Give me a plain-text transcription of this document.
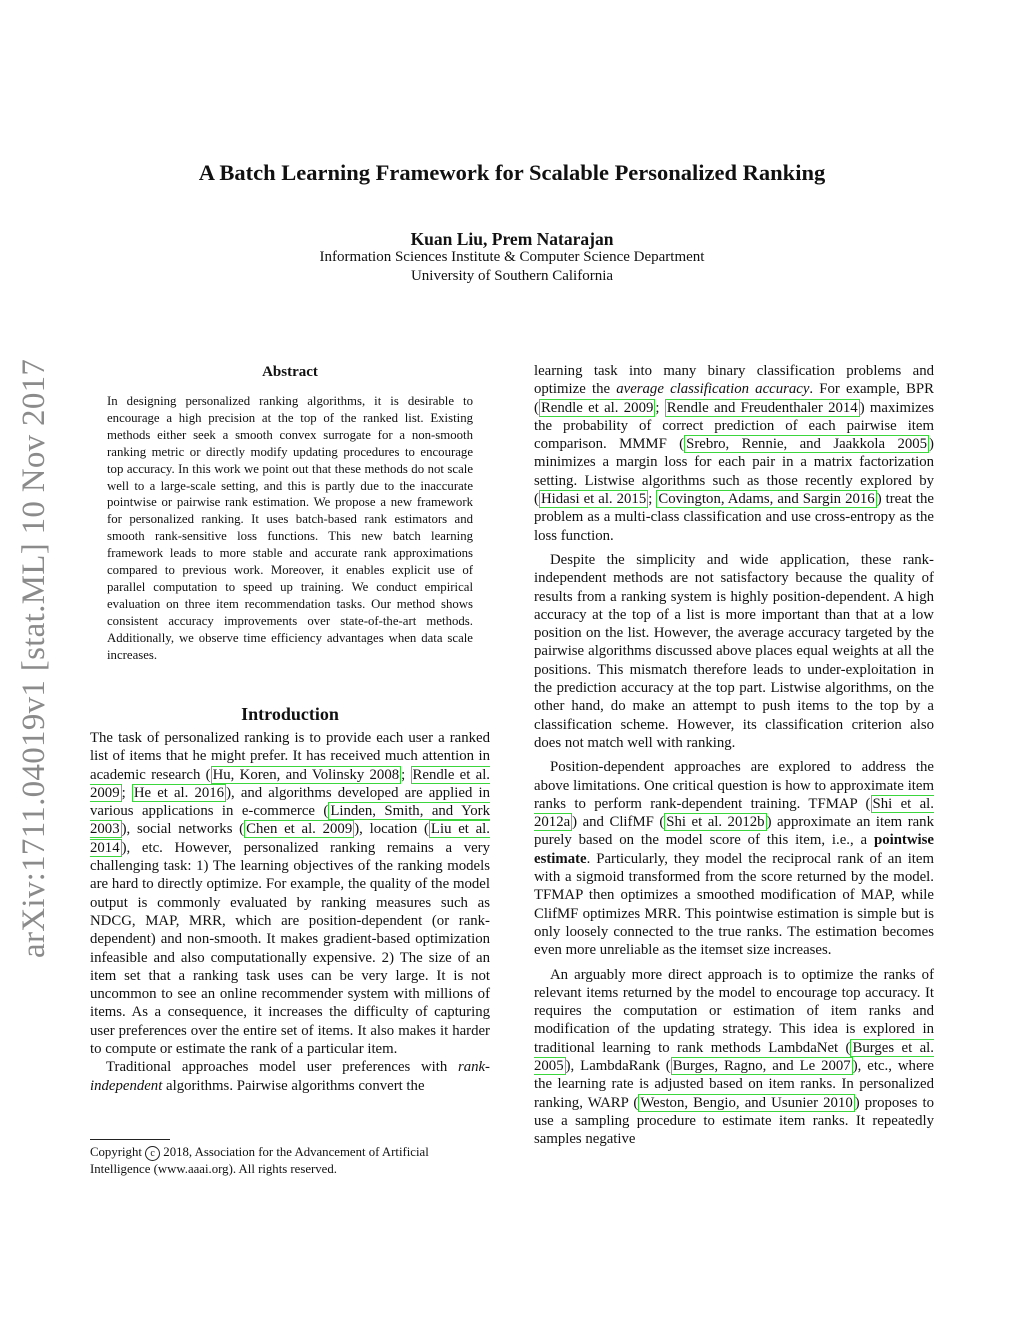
A Batch Learning Framework for Scalable Personalized Ranking
Kuan Liu, Prem Natarajan
Information Sciences Institute & Computer Science Department
University of Southern California
arXiv:1711.04019v1 [stat.ML] 10 Nov 2017	Abstract
In designing personalized ranking algorithms, it is desirable to encourage a high precision at the top of the ranked list. Existing methods either seek a smooth convex surrogate for a non-smooth ranking metric or directly modify updating procedures to encourage top accuracy. In this work we point out that these methods do not scale well to a large-scale setting, and this is partly due to the inaccurate pointwise or pairwise rank estimation. We propose a new framework for personalized ranking. It uses batch-based rank estimators and smooth rank-sensitive loss functions. This new batch learning framework leads to more stable and accurate rank approximations compared to previous work. Moreover, it enables explicit use of parallel computation to speed up training. We conduct empirical evaluation on three item recommendation tasks. Our method shows consistent accuracy improvements over state-of-the-art methods. Additionally, we observe time efficiency advantages when data scale increases.
Introduction

The task of personalized ranking is to provide each user a ranked list of items that he might prefer. It has received much attention in academic research ( Hu, Koren, and Volinsky 2008 ; Rendle et al. 2009 ; He et al. 2016 ), and algorithms developed are applied in various applications in e-commerce ( Linden, Smith, and York 2003 ), social networks ( Chen et al. 2009 ), location ( Liu et al. 2014 ), etc. However, personalized ranking remains a very challenging task: 1) The learning objectives of the ranking models are hard to directly optimize. For example, the quality of the model output is commonly evaluated by ranking measures such as NDCG, MAP, MRR, which are position-dependent (or rank-dependent) and non-smooth. It makes gradient-based optimization infeasible and also computationally expensive. 2) The size of an item set that a ranking task uses can be very large. It is not uncommon to see an online recommender system with millions of items. As a consequence, it increases the difficulty of capturing user preferences over the entire set of items. It also makes it harder to compute or estimate the rank of a particular item.

Traditional approaches model user preferences with rank-independent algorithms. Pairwise algorithms convert the

Copyright c 2018, Association for the Advancement of Artificial Intelligence (www.aaai.org). All rights reserved.

learning task into many binary classification problems and optimize the average classification accuracy. For example, BPR ( Rendle et al. 2009 ; Rendle and Freudenthaler 2014 ) maximizes the probability of correct prediction of each pairwise item comparison. MMMF ( Srebro, Rennie, and Jaakkola 2005 ) minimizes a margin loss for each pair in a matrix factorization setting. Listwise algorithms such as those recently explored by ( Hidasi et al. 2015 ; Covington, Adams, and Sargin 2016 ) treat the problem as a multi-class classification and use cross-entropy as the loss function.

Despite the simplicity and wide application, these rank-independent methods are not satisfactory because the quality of results from a ranking system is highly position-dependent. A high accuracy at the top of a list is more important than that at a low position on the list. However, the average accuracy targeted by the pairwise algorithms discussed above places equal weights at all the positions. This mismatch therefore leads to under-exploitation in the prediction accuracy at the top part. Listwise algorithms, on the other hand, do make an attempt to push items to the top by a classification scheme. However, its classification criterion also does not match well with ranking.

Position-dependent approaches are explored to address the above limitations. One critical question is how to approximate item ranks to perform rank-dependent training. TFMAP ( Shi et al. 2012a ) and ClifMF ( Shi et al. 2012b ) approximate an item rank purely based on the model score of this item, i.e., a pointwise estimate. Particularly, they model the reciprocal rank of an item with a sigmoid transformed from the score returned by the model. TFMAP then optimizes a smoothed modification of MAP, while ClifMF optimizes MRR. This pointwise estimation is simple but is only loosely connected to the true ranks. The estimation becomes even more unreliable as the itemset size increases.

An arguably more direct approach is to optimize the ranks of relevant items returned by the model to encourage top accuracy. It requires the computation or estimation of item ranks and modification of the updating strategy. This idea is explored in traditional learning to rank methods LambdaNet ( Burges et al. 2005 ), LambdaRank ( Burges, Ragno, and Le 2007 ), etc., where the learning rate is adjusted based on item ranks. In personalized ranking, WARP ( Weston, Bengio, and Usunier 2010 ) proposes to use a sampling procedure to estimate item ranks. It repeatedly samples negative
